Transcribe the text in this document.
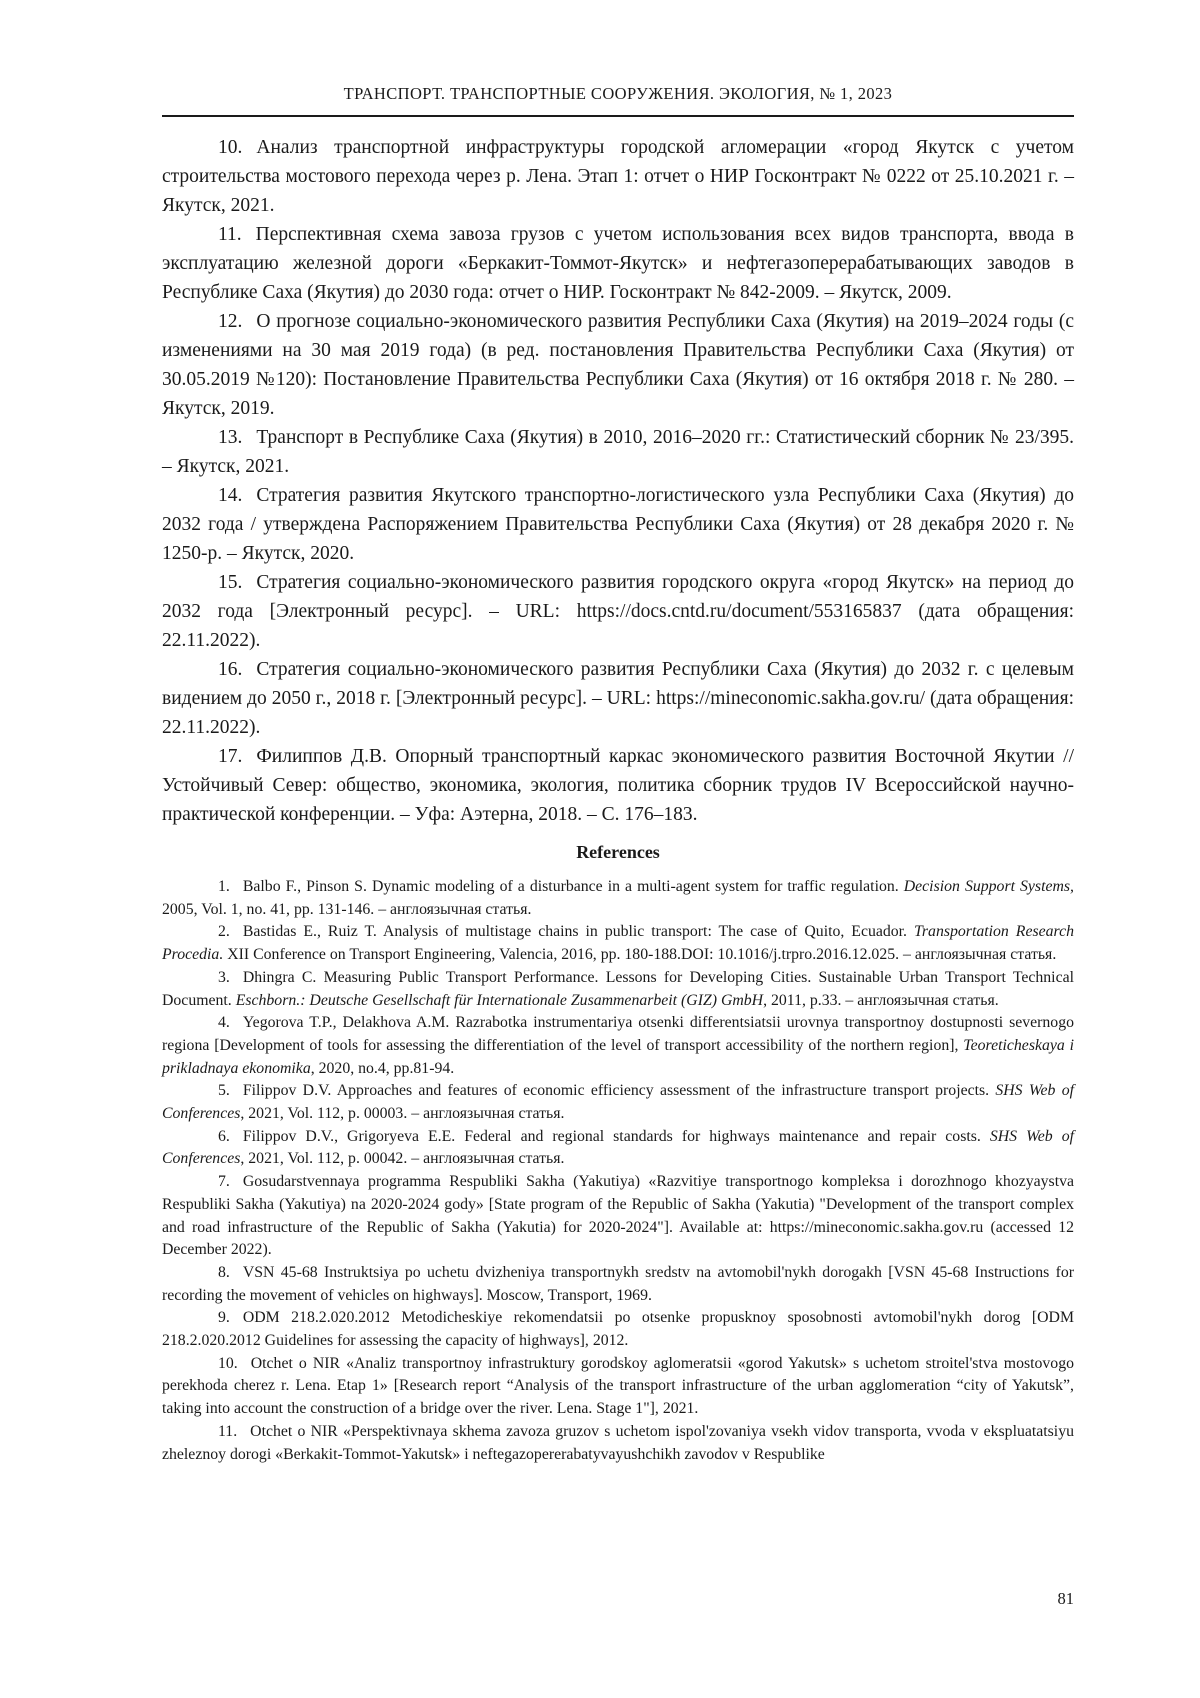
ТРАНСПОРТ. ТРАНСПОРТНЫЕ СООРУЖЕНИЯ. ЭКОЛОГИЯ, № 1, 2023

10. Анализ транспортной инфраструктуры городской агломерации «город Якутск с учетом строительства мостового перехода через р. Лена. Этап 1: отчет о НИР Госконтракт № 0222 от 25.10.2021 г. – Якутск, 2021.

11. Перспективная схема завоза грузов с учетом использования всех видов транспорта, ввода в эксплуатацию железной дороги «Беркакит-Томмот-Якутск» и нефтегазоперерабатывающих заводов в Республике Саха (Якутия) до 2030 года: отчет о НИР. Госконтракт № 842-2009. – Якутск, 2009.

12. О прогнозе социально-экономического развития Республики Саха (Якутия) на 2019–2024 годы (с изменениями на 30 мая 2019 года) (в ред. постановления Правительства Республики Саха (Якутия) от 30.05.2019 №120): Постановление Правительства Республики Саха (Якутия) от 16 октября 2018 г. № 280. – Якутск, 2019.

13. Транспорт в Республике Саха (Якутия) в 2010, 2016–2020 гг.: Статистический сборник № 23/395. – Якутск, 2021.

14. Стратегия развития Якутского транспортно-логистического узла Республики Саха (Якутия) до 2032 года / утверждена Распоряжением Правительства Республики Саха (Якутия) от 28 декабря 2020 г. № 1250-р. – Якутск, 2020.

15. Стратегия социально-экономического развития городского округа «город Якутск» на период до 2032 года [Электронный ресурс]. – URL: https://docs.cntd.ru/document/553165837 (дата обращения: 22.11.2022).

16. Стратегия социально-экономического развития Республики Саха (Якутия) до 2032 г. с целевым видением до 2050 г., 2018 г. [Электронный ресурс]. – URL: https://mineconomic.sakha.gov.ru/ (дата обращения: 22.11.2022).

17. Филиппов Д.В. Опорный транспортный каркас экономического развития Восточной Якутии // Устойчивый Север: общество, экономика, экология, политика сборник трудов IV Всероссийской научно-практической конференции. – Уфа: Аэтерна, 2018. – С. 176–183.

References

1. Balbo F., Pinson S. Dynamic modeling of a disturbance in a multi-agent system for traffic regulation. Decision Support Systems, 2005, Vol. 1, no. 41, pp. 131-146. – англоязычная статья.

2. Bastidas E., Ruiz T. Analysis of multistage chains in public transport: The case of Quito, Ecuador. Transportation Research Procedia. XII Conference on Transport Engineering, Valencia, 2016, pp. 180-188.DOI: 10.1016/j.trpro.2016.12.025. – англоязычная статья.

3. Dhingra C. Measuring Public Transport Performance. Lessons for Developing Cities. Sustainable Urban Transport Technical Document. Eschborn.: Deutsche Gesellschaft für Internationale Zusammenarbeit (GIZ) GmbH, 2011, p.33. – англоязычная статья.

4. Yegorova T.P., Delakhova A.M. Razrabotka instrumentariya otsenki differentsiatsii urovnya transportnoy dostupnosti severnogo regiona [Development of tools for assessing the differentiation of the level of transport accessibility of the northern region], Teoreticheskaya i prikladnaya ekonomika, 2020, no.4, pp.81-94.

5. Filippov D.V. Approaches and features of economic efficiency assessment of the infrastructure transport projects. SHS Web of Conferences, 2021, Vol. 112, p. 00003. – англоязычная статья.

6. Filippov D.V., Grigoryeva E.E. Federal and regional standards for highways maintenance and repair costs. SHS Web of Conferences, 2021, Vol. 112, p. 00042. – англоязычная статья.

7. Gosudarstvennaya programma Respubliki Sakha (Yakutiya) «Razvitiye transportnogo kompleksa i dorozhnogo khozyaystva Respubliki Sakha (Yakutiya) na 2020-2024 gody» [State program of the Republic of Sakha (Yakutia) "Development of the transport complex and road infrastructure of the Republic of Sakha (Yakutia) for 2020-2024"]. Available at: https://mineconomic.sakha.gov.ru (accessed 12 December 2022).

8. VSN 45-68 Instruktsiya po uchetu dvizheniya transportnykh sredstv na avtomobil'nykh dorogakh [VSN 45-68 Instructions for recording the movement of vehicles on highways]. Moscow, Transport, 1969.

9. ODM 218.2.020.2012 Metodicheskiye rekomendatsii po otsenke propusknoy sposobnosti avtomobil'nykh dorog [ODM 218.2.020.2012 Guidelines for assessing the capacity of highways], 2012.

10. Otchet o NIR «Analiz transportnoy infrastruktury gorodskoy aglomeratsii «gorod Yakutsk» s uchetom stroitel'stva mostovogo perekhoda cherez r. Lena. Etap 1» [Research report “Analysis of the transport infrastructure of the urban agglomeration “city of Yakutsk”, taking into account the construction of a bridge over the river. Lena. Stage 1"], 2021.

11. Otchet o NIR «Perspektivnaya skhema zavoza gruzov s uchetom ispol'zovaniya vsekh vidov transporta, vvoda v ekspluatatsiyu zheleznoy dorogi «Berkakit-Tommot-Yakutsk» i neftegazopererabatyvayushchikh zavodov v Respublike

81
